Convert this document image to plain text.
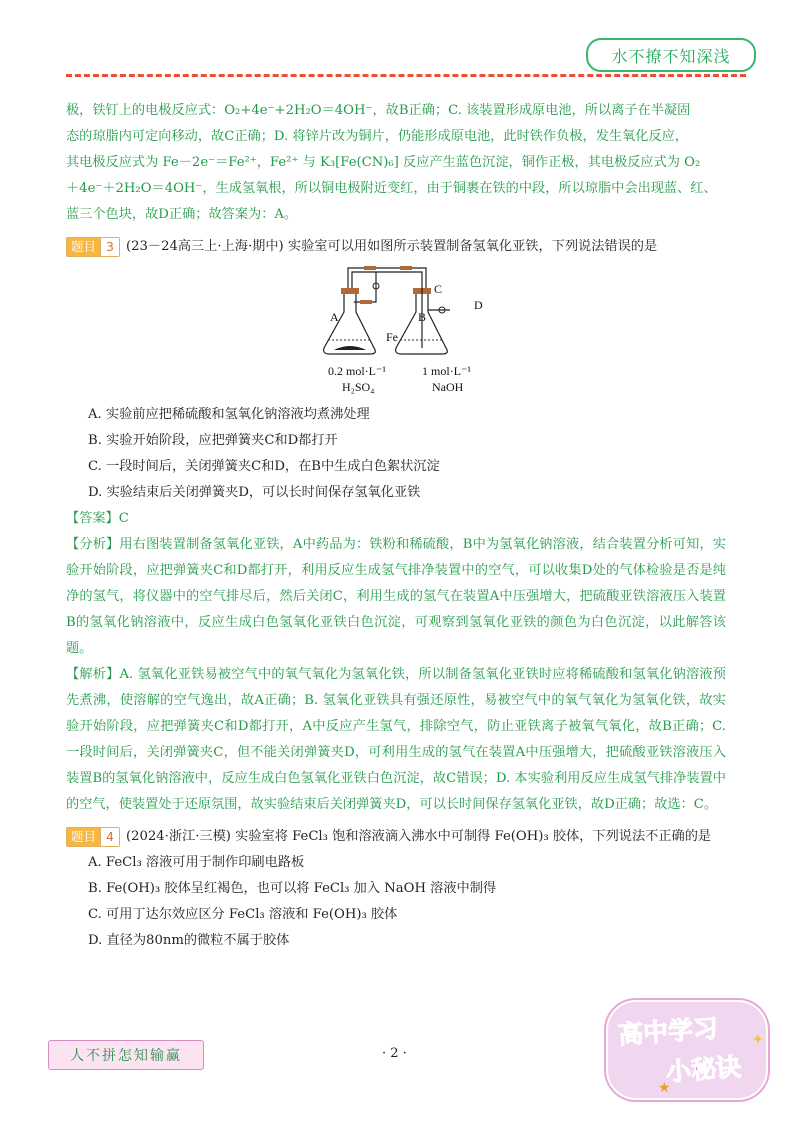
水不撩不知深浅

极，铁钉上的电极反应式：O₂+4e⁻+2H₂O＝4OH⁻，故B正确；C. 该装置形成原电池，所以离子在半凝固

态的琼脂内可定向移动，故C正确；D. 将锌片改为铜片，仍能形成原电池，此时铁作负极，发生氧化反应，

其电极反应式为 Fe－2e⁻＝Fe²⁺，Fe²⁺ 与 K₃[Fe(CN)₆] 反应产生蓝色沉淀，铜作正极，其电极反应式为 O₂

＋4e⁻＋2H₂O＝4OH⁻，生成氢氧根，所以铜电极附近变红，由于铜裹在铁的中段，所以琼脂中会出现蓝、红、

蓝三个色块，故D正确；故答案为：A。

题目 3 (23－24高三上·上海·期中) 实验室可以用如图所示装置制备氢氧化亚铁，下列说法错误的是
C
A	B
D
Fe
0.2 mol·L⁻¹
H₂SO₄
1 mol·L⁻¹
NaOH

A. 实验前应把稀硫酸和氢氧化钠溶液均煮沸处理

B. 实验开始阶段，应把弹簧夹C和D都打开

C. 一段时间后，关闭弹簧夹C和D，在B中生成白色絮状沉淀

D. 实验结束后关闭弹簧夹D，可以长时间保存氢氧化亚铁

【答案】C

【分析】用右图装置制备氢氧化亚铁，A中药品为：铁粉和稀硫酸，B中为氢氧化钠溶液，结合装置分析可知，实验开始阶段，应把弹簧夹C和D都打开，利用反应生成氢气排净装置中的空气，可以收集D处的气体检验是否是纯净的氢气，将仪器中的空气排尽后，然后关闭C，利用生成的氢气在装置A中压强增大，把硫酸亚铁溶液压入装置B的氢氧化钠溶液中，反应生成白色氢氧化亚铁白色沉淀，可观察到氢氧化亚铁的颜色为白色沉淀，以此解答该题。

【解析】A. 氢氧化亚铁易被空气中的氧气氧化为氢氧化铁，所以制备氢氧化亚铁时应将稀硫酸和氢氧化钠溶液预先煮沸，使溶解的空气逸出，故A正确；B. 氢氧化亚铁具有强还原性，易被空气中的氧气氧化为氢氧化铁，故实验开始阶段，应把弹簧夹C和D都打开，A中反应产生氢气，排除空气，防止亚铁离子被氧气氧化，故B正确；C. 一段时间后，关闭弹簧夹C，但不能关闭弹簧夹D，可利用生成的氢气在装置A中压强增大，把硫酸亚铁溶液压入装置B的氢氧化钠溶液中，反应生成白色氢氧化亚铁白色沉淀，故C错误；D. 本实验利用反应生成氢气排净装置中的空气，使装置处于还原氛围，故实验结束后关闭弹簧夹D，可以长时间保存氢氧化亚铁，故D正确；故选：C。

题目 4 (2024·浙江·三模) 实验室将 FeCl₃ 饱和溶液滴入沸水中可制得 Fe(OH)₃ 胶体，下列说法不正确的是

A. FeCl₃ 溶液可用于制作印刷电路板

B. Fe(OH)₃ 胶体呈红褐色，也可以将 FeCl₃ 加入 NaOH 溶液中制得

C. 可用丁达尔效应区分 FeCl₃ 溶液和 Fe(OH)₃ 胶体

D. 直径为80nm的微粒不属于胶体

人不拼怎知输赢	· 2 ·
高中学习
小秘诀
✦
★
